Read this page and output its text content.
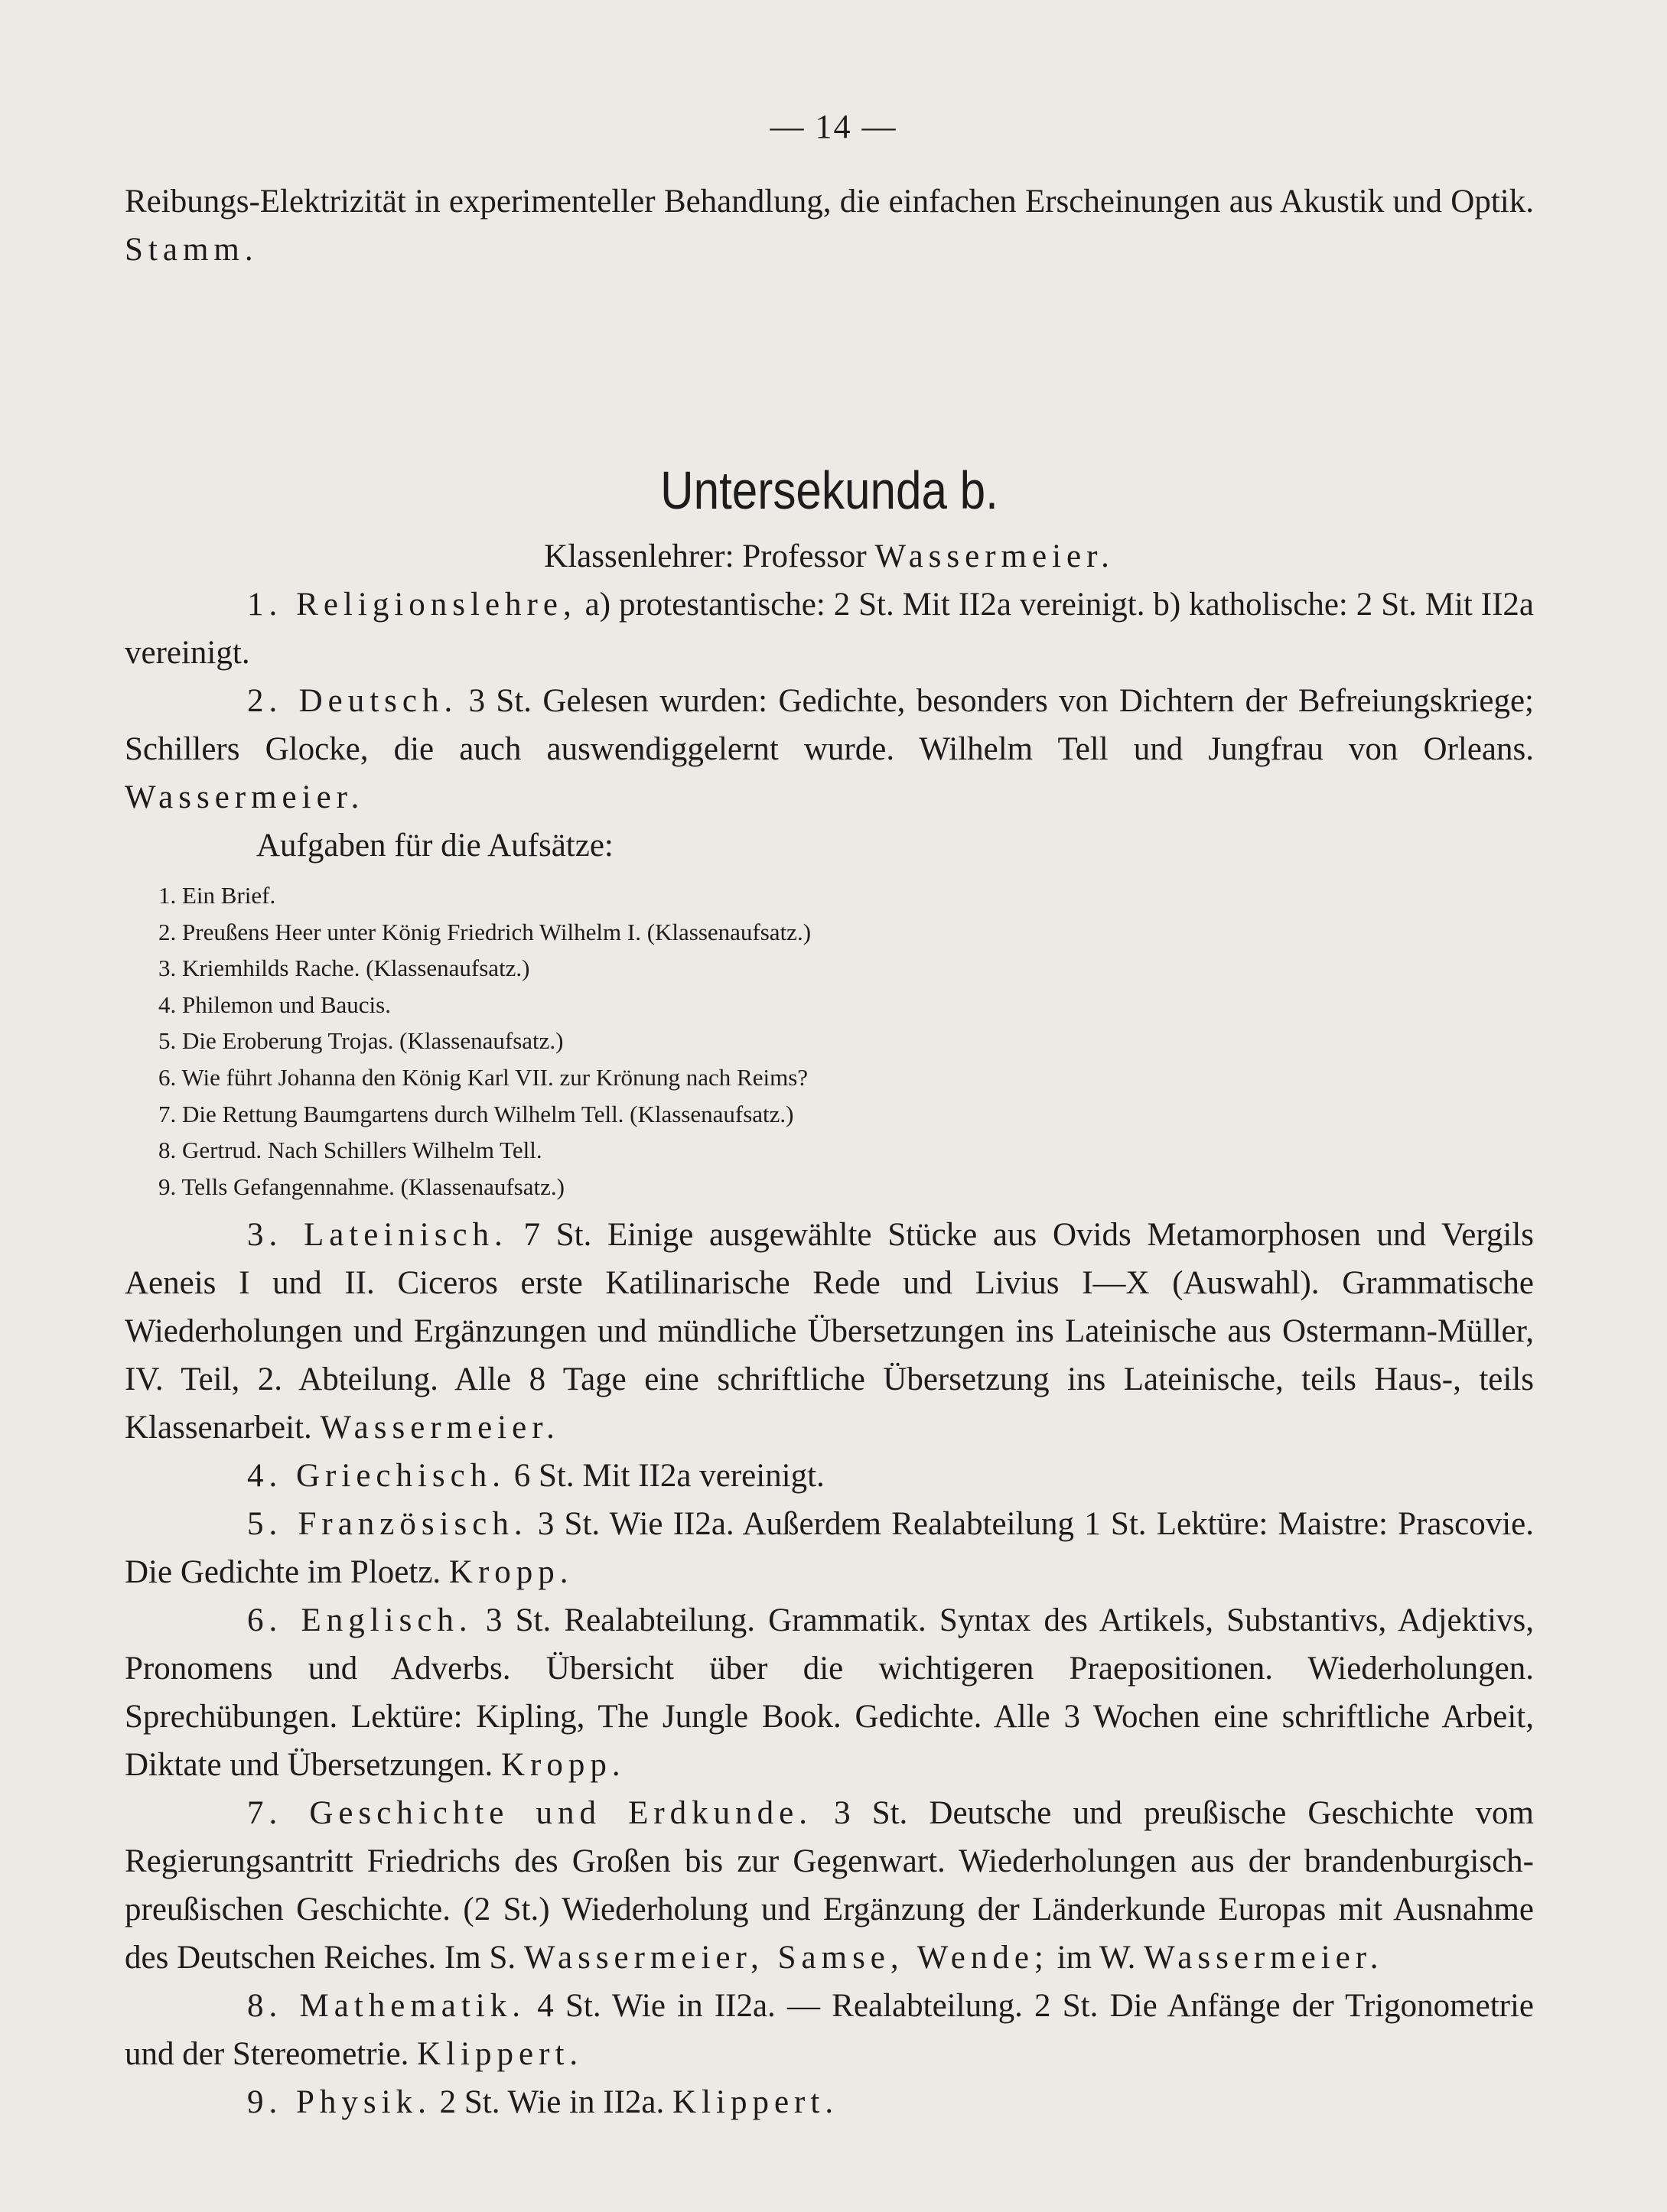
— 14 —

Reibungs-Elektrizität in experimenteller Behandlung, die einfachen Erscheinungen aus Akustik und Optik. Stamm.

Untersekunda b.

Klassenlehrer: Professor Wassermeier.

1. Religionslehre, a) protestantische: 2 St. Mit II2a vereinigt. b) katholische: 2 St. Mit II2a vereinigt.

2. Deutsch. 3 St. Gelesen wurden: Gedichte, besonders von Dichtern der Befreiungskriege; Schillers Glocke, die auch auswendiggelernt wurde. Wilhelm Tell und Jungfrau von Orleans. Wassermeier.

Aufgaben für die Aufsätze:

1. Ein Brief.
2. Preußens Heer unter König Friedrich Wilhelm I. (Klassenaufsatz.)
3. Kriemhilds Rache. (Klassenaufsatz.)
4. Philemon und Baucis.
5. Die Eroberung Trojas. (Klassenaufsatz.)
6. Wie führt Johanna den König Karl VII. zur Krönung nach Reims?
7. Die Rettung Baumgartens durch Wilhelm Tell. (Klassenaufsatz.)
8. Gertrud. Nach Schillers Wilhelm Tell.
9. Tells Gefangennahme. (Klassenaufsatz.)

3. Lateinisch. 7 St. Einige ausgewählte Stücke aus Ovids Metamorphosen und Vergils Aeneis I und II. Ciceros erste Katilinarische Rede und Livius I—X (Auswahl). Grammatische Wiederholungen und Ergänzungen und mündliche Übersetzungen ins Lateinische aus Ostermann-Müller, IV. Teil, 2. Abteilung. Alle 8 Tage eine schriftliche Übersetzung ins Lateinische, teils Haus-, teils Klassenarbeit. Wassermeier.

4. Griechisch. 6 St. Mit II2a vereinigt.

5. Französisch. 3 St. Wie II2a. Außerdem Realabteilung 1 St. Lektüre: Maistre: Prascovie. Die Gedichte im Ploetz. Kropp.

6. Englisch. 3 St. Realabteilung. Grammatik. Syntax des Artikels, Substantivs, Adjektivs, Pronomens und Adverbs. Übersicht über die wichtigeren Praepositionen. Wiederholungen. Sprechübungen. Lektüre: Kipling, The Jungle Book. Gedichte. Alle 3 Wochen eine schriftliche Arbeit, Diktate und Übersetzungen. Kropp.

7. Geschichte und Erdkunde. 3 St. Deutsche und preußische Geschichte vom Regierungsantritt Friedrichs des Großen bis zur Gegenwart. Wiederholungen aus der brandenburgisch-preußischen Geschichte. (2 St.) Wiederholung und Ergänzung der Länderkunde Europas mit Ausnahme des Deutschen Reiches. Im S. Wassermeier, Samse, Wende; im W. Wassermeier.

8. Mathematik. 4 St. Wie in II2a. — Realabteilung. 2 St. Die Anfänge der Trigonometrie und der Stereometrie. Klippert.

9. Physik. 2 St. Wie in II2a. Klippert.
